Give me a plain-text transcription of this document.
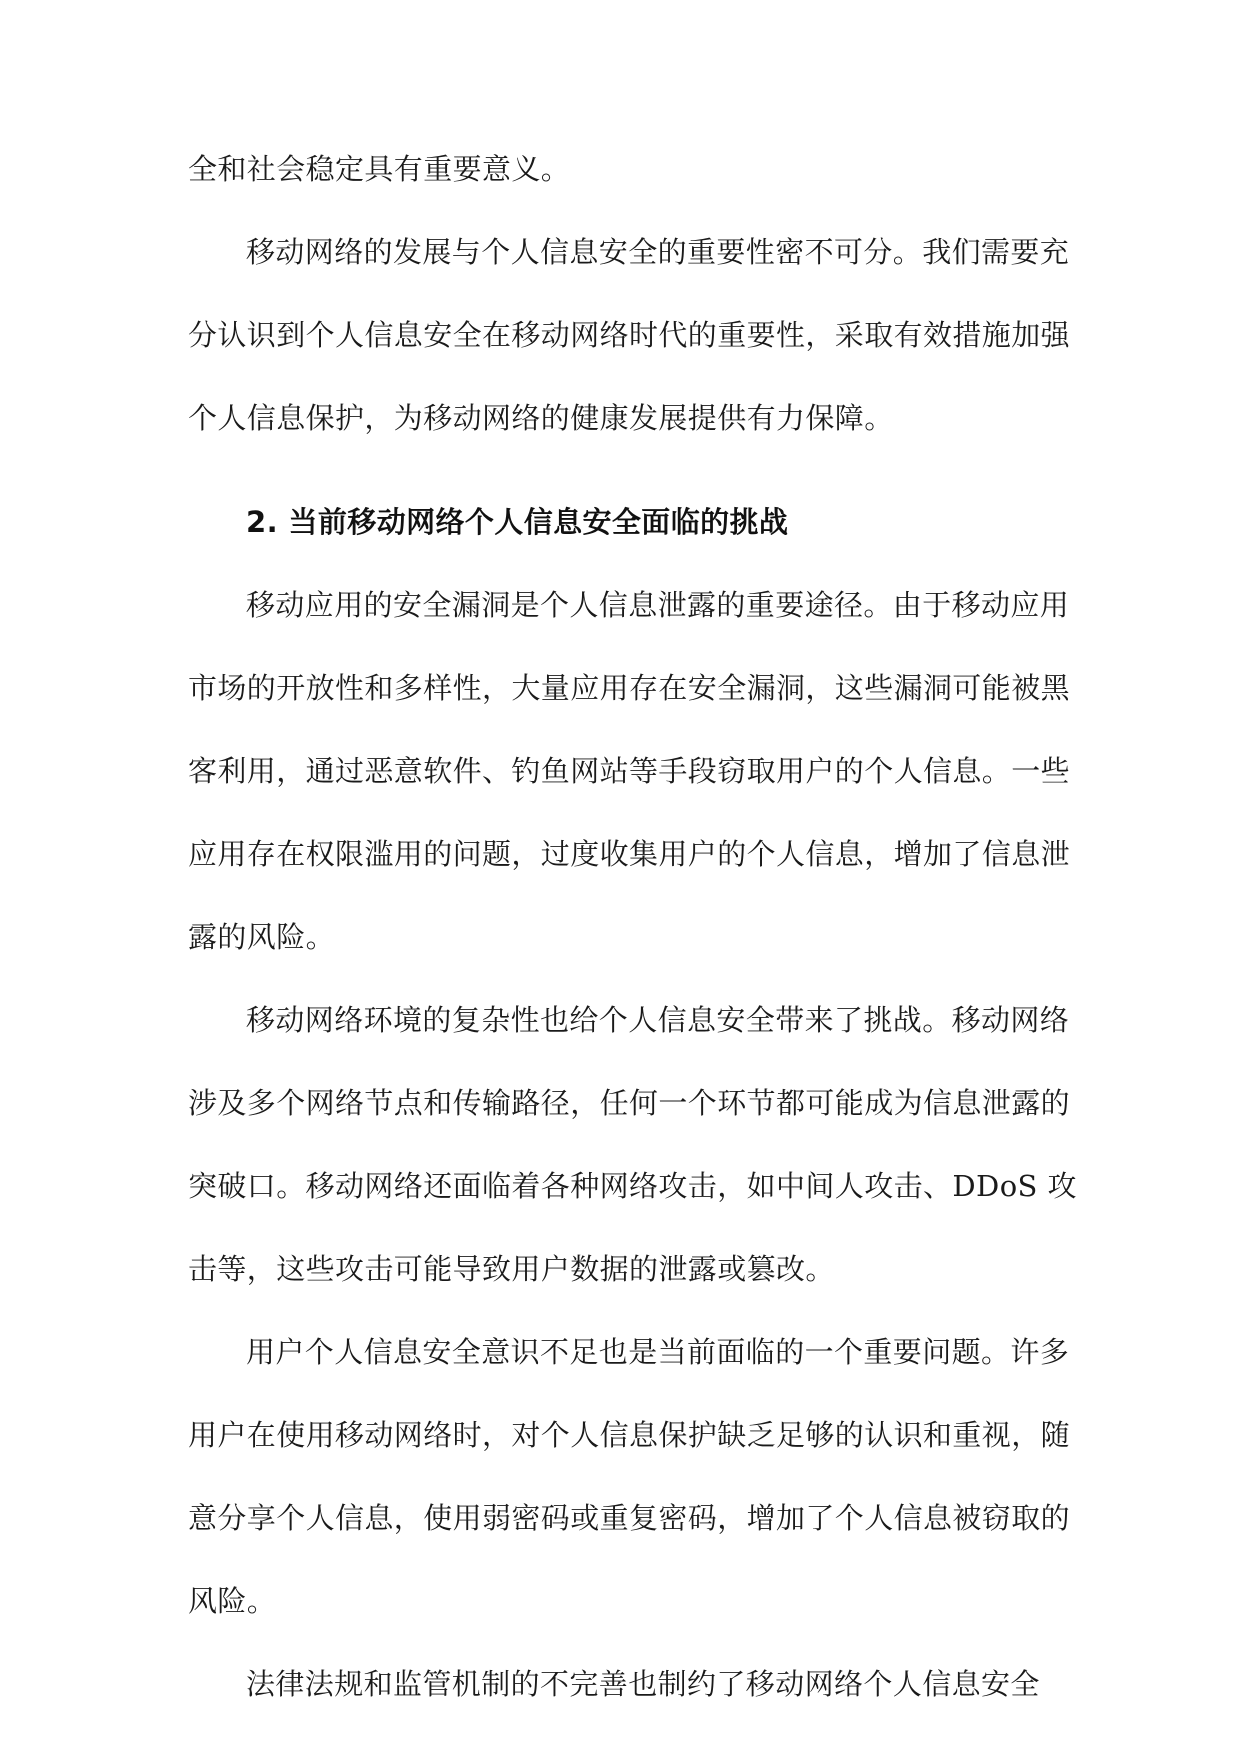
全和社会稳定具有重要意义。
移动网络的发展与个人信息安全的重要性密不可分。我们需要充
分认识到个人信息安全在移动网络时代的重要性，采取有效措施加强
个人信息保护，为移动网络的健康发展提供有力保障。
2. 当前移动网络个人信息安全面临的挑战
移动应用的安全漏洞是个人信息泄露的重要途径。由于移动应用
市场的开放性和多样性，大量应用存在安全漏洞，这些漏洞可能被黑
客利用，通过恶意软件、钓鱼网站等手段窃取用户的个人信息。一些
应用存在权限滥用的问题，过度收集用户的个人信息，增加了信息泄
露的风险。
移动网络环境的复杂性也给个人信息安全带来了挑战。移动网络
涉及多个网络节点和传输路径，任何一个环节都可能成为信息泄露的
突破口。移动网络还面临着各种网络攻击，如中间人攻击、DDoS 攻
击等，这些攻击可能导致用户数据的泄露或篡改。
用户个人信息安全意识不足也是当前面临的一个重要问题。许多
用户在使用移动网络时，对个人信息保护缺乏足够的认识和重视，随
意分享个人信息，使用弱密码或重复密码，增加了个人信息被窃取的
风险。
法律法规和监管机制的不完善也制约了移动网络个人信息安全
